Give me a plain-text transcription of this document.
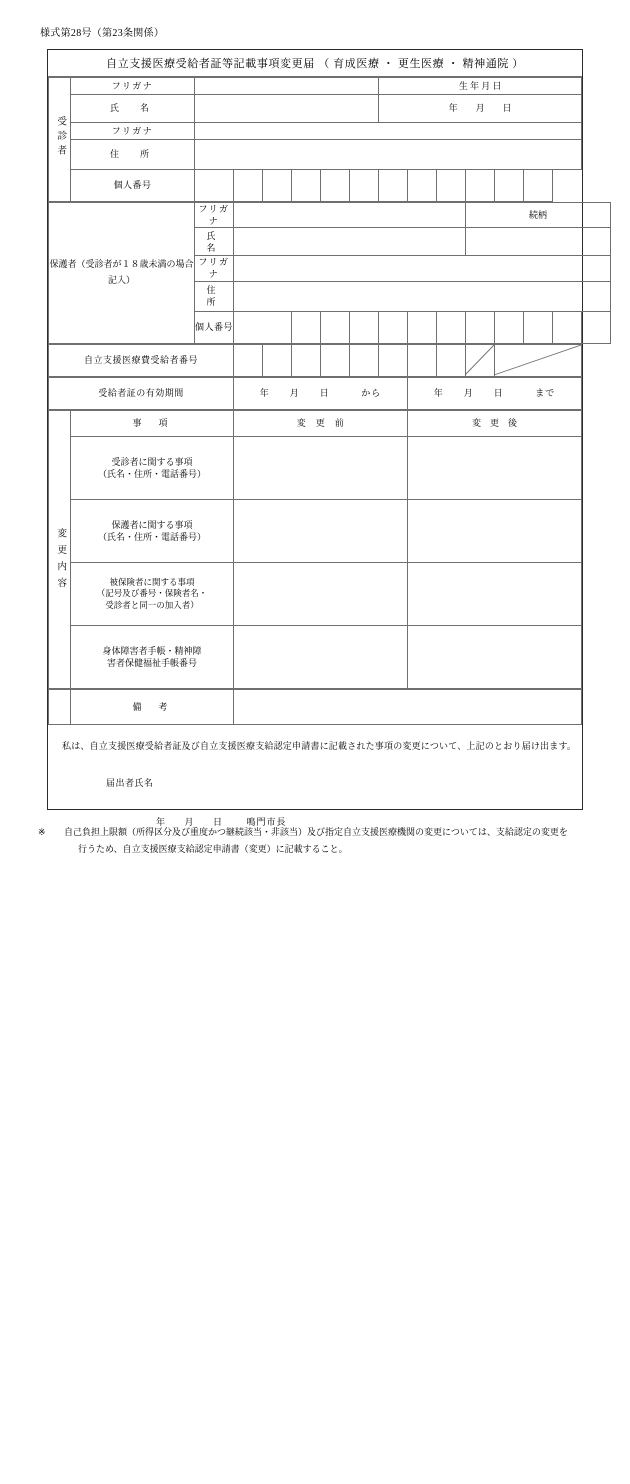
様式第28号（第23条関係）
自立支援医療受給者証等記載事項変更届 （ 育成医療 ・ 更生医療 ・ 精神通院 ）
受診者	フリガナ							生 年 月 日					
	氏　名							年　　月　　日					
	フリガナ												
	住　所												
	個人番号												
保護者（受診者が１８歳未満の場合記入）	フリガナ								続柄				
	氏　名												
	フリガナ												
	住　所												
	個人番号												
自立支援医療費受給者番号										
受給者証の有効期間	年　　月　　日	から	年　　月　　日	まで
	事　項	変　更　前	変　更　後
変更内容	受診者に関する事項
（氏名・住所・電話番号）		

	保護者に関する事項
（氏名・住所・電話番号）		

	被保険者に関する事項
（記号及び番号・保険者名・
受診者と同一の加入者）		

	身体障害者手帳・精神障
害者保健福祉手帳番号		

	備　考	
私は、自立支援医療受給者証及び自立支援医療支給認定申請書に記載された事項の変更について、上記のとおり届け出ます。
届出者氏名
年　　月　　日	鳴門市長
※ 自己負担上限額（所得区分及び重度かつ継続該当・非該当）及び指定自立支援医療機関の変更については、支給認定の変更を
行うため、自立支援医療支給認定申請書（変更）に記載すること。
